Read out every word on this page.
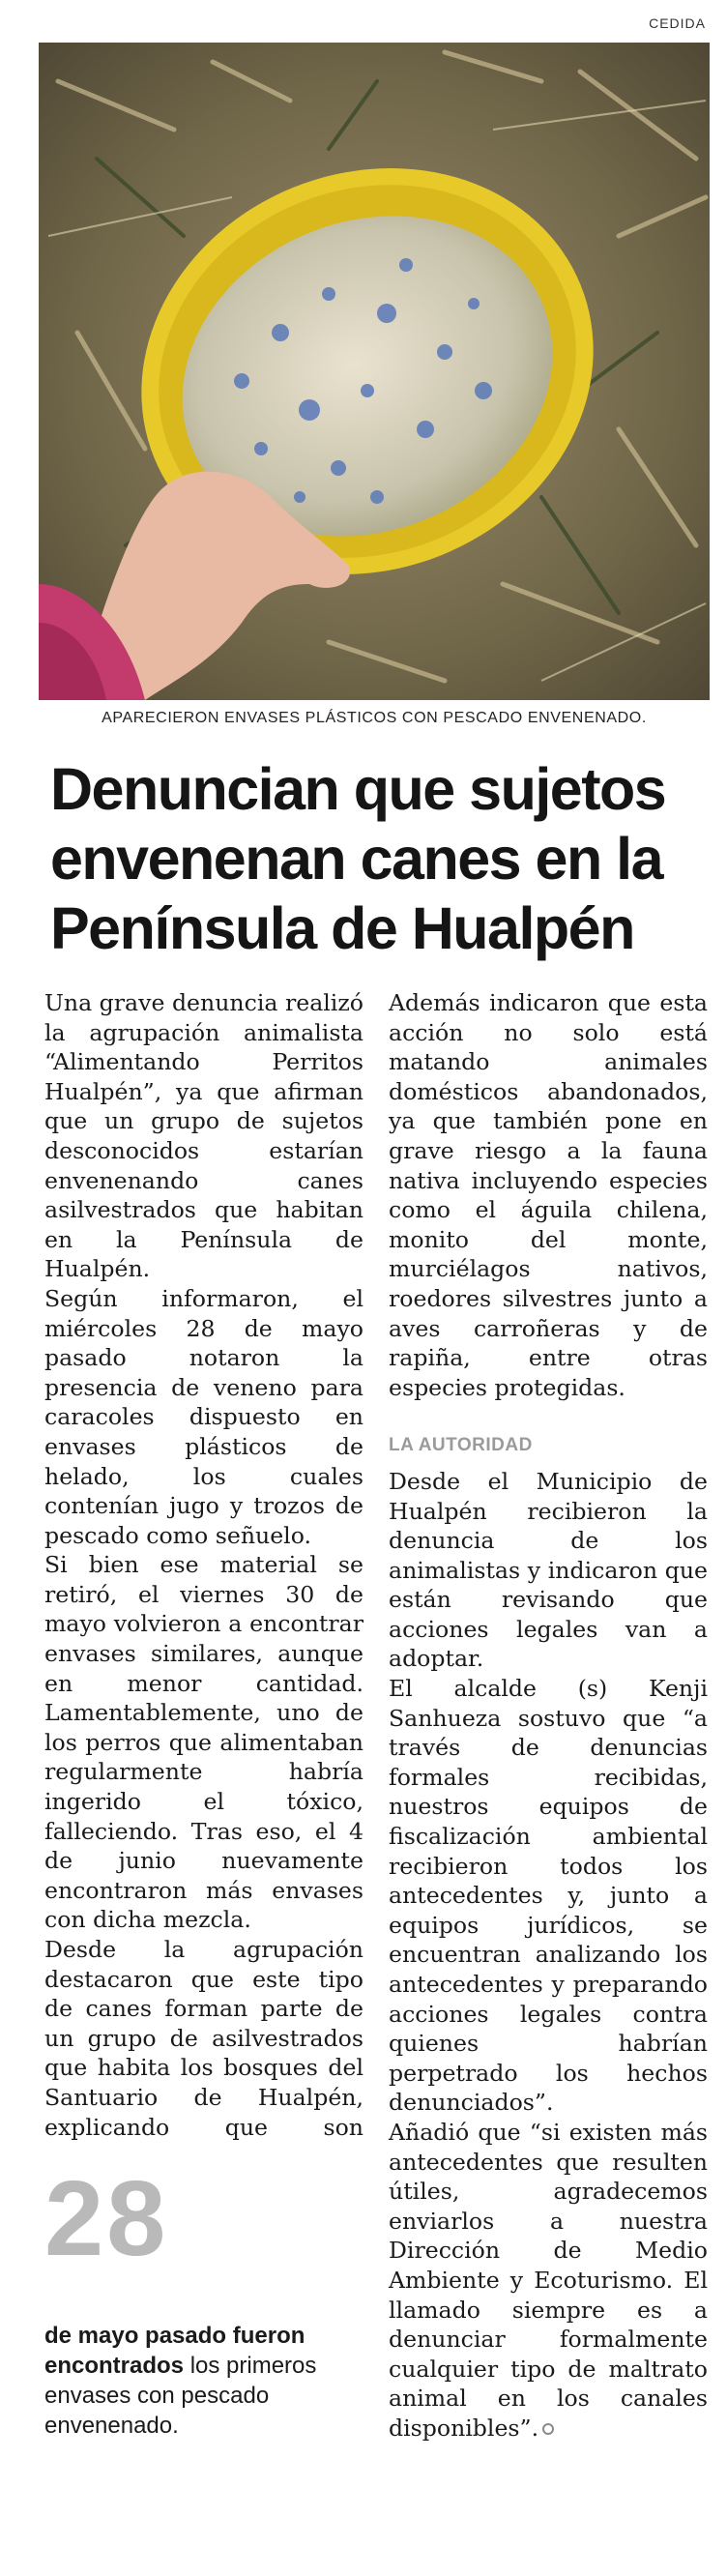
CEDIDA
APARECIERON ENVASES PLÁSTICOS CON PESCADO ENVENENADO.
Denuncian que sujetos envenenan canes en la Península de Hualpén

Una grave denuncia realizó la agrupación animalista “Alimentando Perritos Hualpén”, ya que afirman que un grupo de sujetos desconocidos estarían envenenando canes asilvestrados que habitan en la Península de Hualpén.

Según informaron, el miércoles 28 de mayo pasado notaron la presencia de veneno para caracoles dispuesto en envases plásticos de helado, los cuales contenían jugo y trozos de pescado como señuelo.

Si bien ese material se retiró, el viernes 30 de mayo volvieron a encontrar envases similares, aunque en menor cantidad. Lamentablemente, uno de los perros que alimentaban regularmente habría ingerido el tóxico, falleciendo. Tras eso, el 4 de junio nuevamente encontraron más envases con dicha mezcla.

Desde la agrupación destacaron que este tipo de canes forman parte de un grupo de asilvestrados que habita los bosques del Santuario de Hualpén, explicando que son

28
de mayo pasado fueron encontrados los primeros envases con pescado envenenado.

Además indicaron que esta acción no solo está matando animales domésticos abandonados, ya que también pone en grave riesgo a la fauna nativa incluyendo especies como el águila chilena, monito del monte, murciélagos nativos, roedores silvestres junto a aves carroñeras y de rapiña, entre otras especies protegidas.

LA AUTORIDAD

Desde el Municipio de Hualpén recibieron la denuncia de los animalistas y indicaron que están revisando que acciones legales van a adoptar.

El alcalde (s) Kenji Sanhueza sostuvo que “a través de denuncias formales recibidas, nuestros equipos de fiscalización ambiental recibieron todos los antecedentes y, junto a equipos jurídicos, se encuentran analizando los antecedentes y preparando acciones legales contra quienes habrían perpetrado los hechos denunciados”.

Añadió que “si existen más antecedentes que resulten útiles, agradecemos enviarlos a nuestra Dirección de Medio Ambiente y Ecoturismo. El llamado siempre es a denunciar formalmente cualquier tipo de maltrato animal en los canales disponibles”.
